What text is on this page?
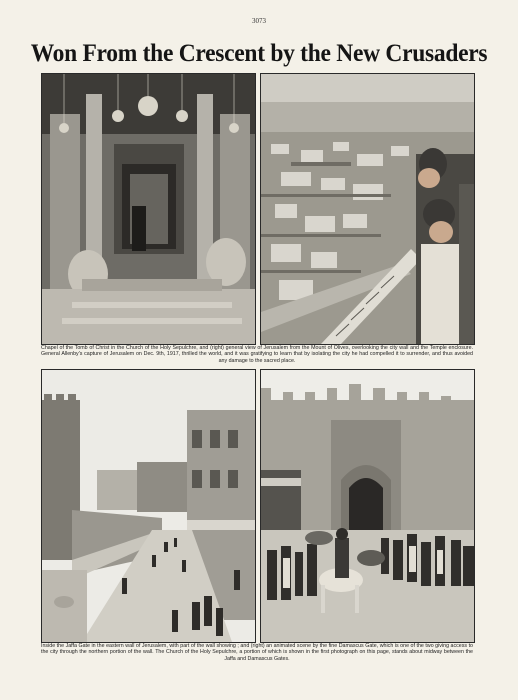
3073
Won From the Crescent by the New Crusaders

Chapel of the Tomb of Christ in the Church of the Holy Sepulchre, and (right) general view of Jerusalem from the Mount of Olives, overlooking the city wall and the Temple enclosure. General Allenby's capture of Jerusalem on Dec. 9th, 1917, thrilled the world, and it was gratifying to learn that by isolating the city he had compelled it to surrender, and thus avoided any damage to the sacred place.

Inside the Jaffa Gate in the eastern wall of Jerusalem, with part of the wall showing ; and (right) an animated scene by the fine Damascus Gate, which is one of the two giving access to the city through the northern portion of the wall. The Church of the Holy Sepulchre, a portion of which is shown in the first photograph on this page, stands about midway between the Jaffa and Damascus Gates.
